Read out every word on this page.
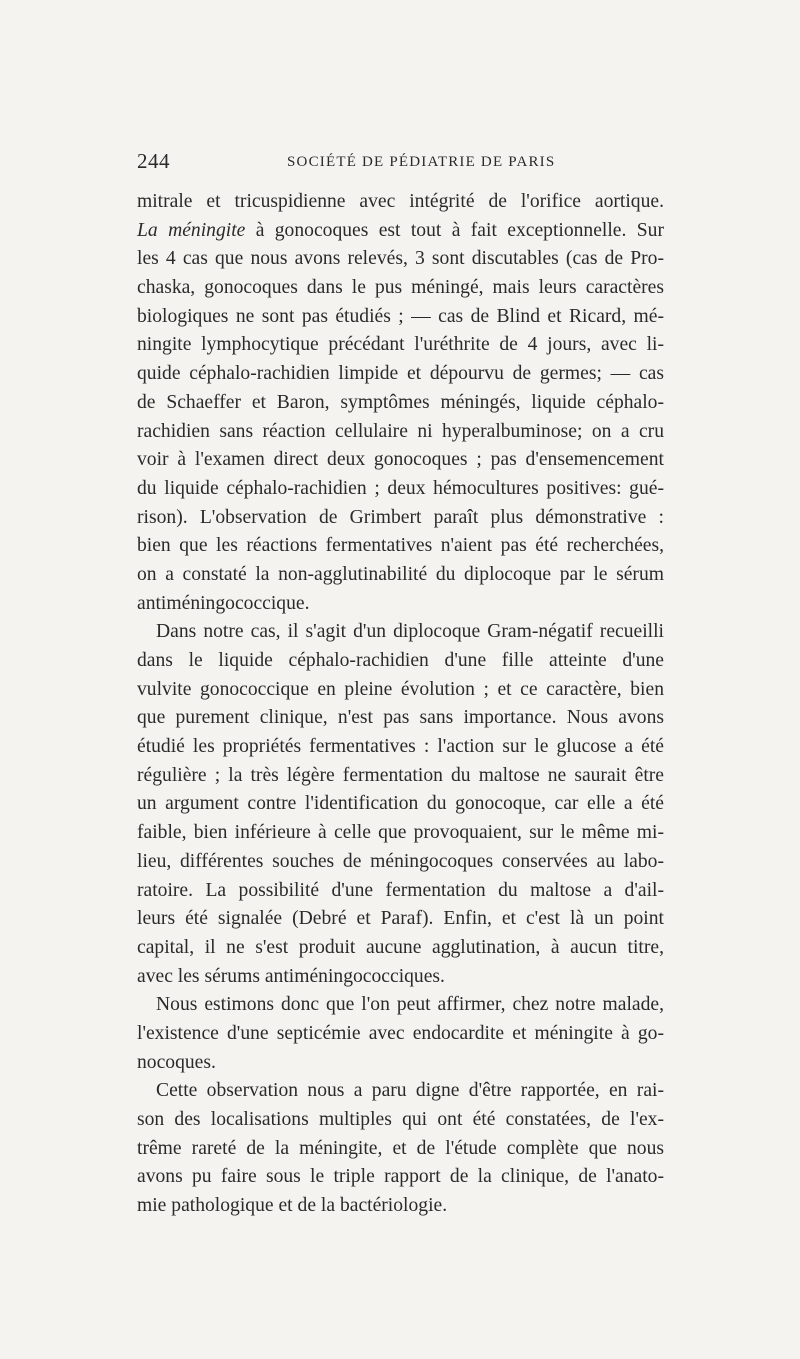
244	SOCIÉTÉ DE PÉDIATRIE DE PARIS
mitrale et tricuspidienne avec intégrité de l'orifice aortique.
La méningite à gonocoques est tout à fait exceptionnelle. Sur
les 4 cas que nous avons relevés, 3 sont discutables (cas de Pro-
chaska, gonocoques dans le pus méningé, mais leurs caractères
biologiques ne sont pas étudiés ; — cas de Blind et Ricard, mé-
ningite lymphocytique précédant l'uréthrite de 4 jours, avec li-
quide céphalo-rachidien limpide et dépourvu de germes; — cas
de Schaeffer et Baron, symptômes méningés, liquide céphalo-
rachidien sans réaction cellulaire ni hyperalbuminose; on a cru
voir à l'examen direct deux gonocoques ; pas d'ensemencement
du liquide céphalo-rachidien ; deux hémocultures positives: gué-
rison). L'observation de Grimbert paraît plus démonstrative :
bien que les réactions fermentatives n'aient pas été recherchées,
on a constaté la non-agglutinabilité du diplocoque par le sérum
antiméningococcique.
Dans notre cas, il s'agit d'un diplocoque Gram-négatif recueilli
dans le liquide céphalo-rachidien d'une fille atteinte d'une
vulvite gonococcique en pleine évolution ; et ce caractère, bien
que purement clinique, n'est pas sans importance. Nous avons
étudié les propriétés fermentatives : l'action sur le glucose a été
régulière ; la très légère fermentation du maltose ne saurait être
un argument contre l'identification du gonocoque, car elle a été
faible, bien inférieure à celle que provoquaient, sur le même mi-
lieu, différentes souches de méningocoques conservées au labo-
ratoire. La possibilité d'une fermentation du maltose a d'ail-
leurs été signalée (Debré et Paraf). Enfin, et c'est là un point
capital, il ne s'est produit aucune agglutination, à aucun titre,
avec les sérums antiméningococciques.
Nous estimons donc que l'on peut affirmer, chez notre malade,
l'existence d'une septicémie avec endocardite et méningite à go-
nocoques.
Cette observation nous a paru digne d'être rapportée, en rai-
son des localisations multiples qui ont été constatées, de l'ex-
trême rareté de la méningite, et de l'étude complète que nous
avons pu faire sous le triple rapport de la clinique, de l'anato-
mie pathologique et de la bactériologie.
